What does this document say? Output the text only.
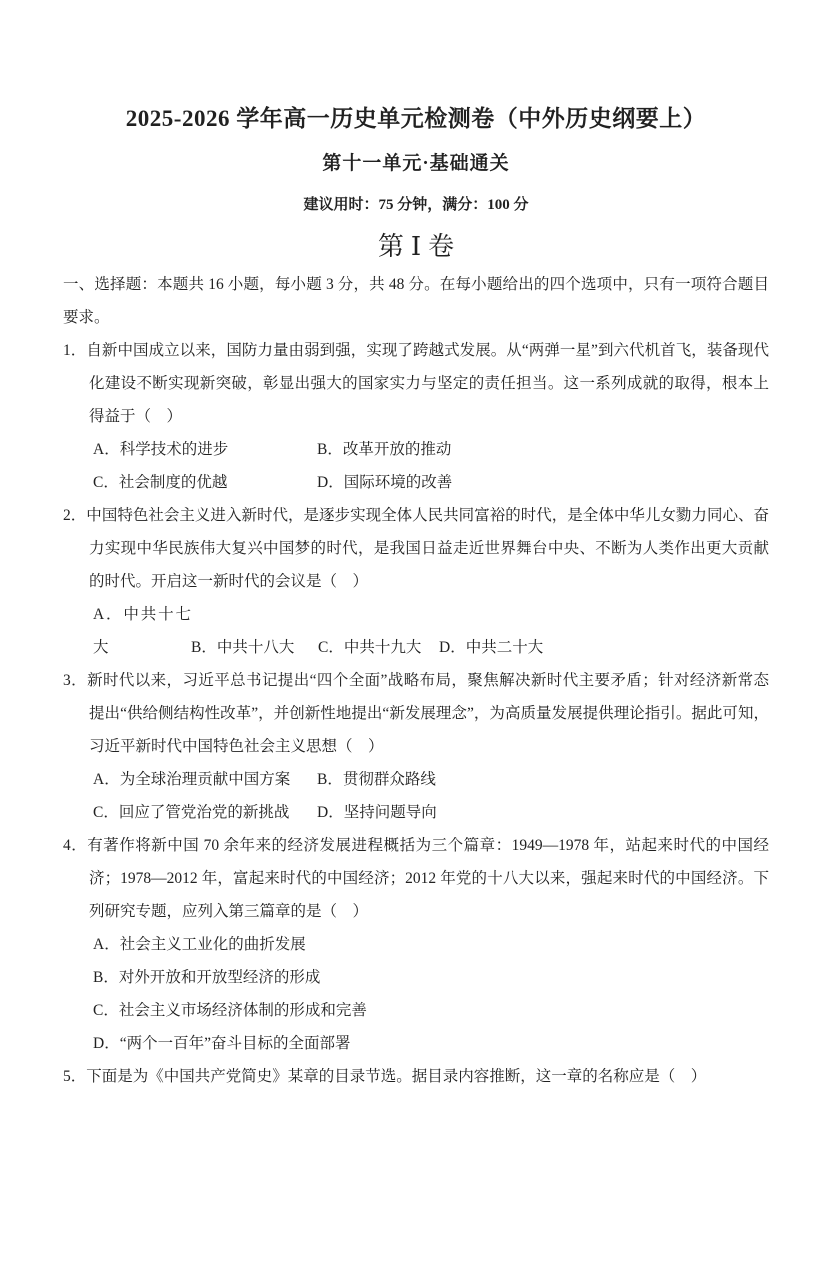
2025-2026 学年高一历史单元检测卷（中外历史纲要上）
第十一单元·基础通关
建议用时：75 分钟，满分：100 分
第Ⅰ卷

一、选择题：本题共 16 小题，每小题 3 分，共 48 分。在每小题给出的四个选项中，只有一项符合题目要求。

1．自新中国成立以来，国防力量由弱到强，实现了跨越式发展。从“两弹一星”到六代机首飞，装备现代化建设不断实现新突破，彰显出强大的国家实力与坚定的责任担当。这一系列成就的取得，根本上得益于（　）

A．科学技术的进步	B．改革开放的推动

C．社会制度的优越	D．国际环境的改善

2．中国特色社会主义进入新时代，是逐步实现全体人民共同富裕的时代，是全体中华儿女勠力同心、奋力实现中华民族伟大复兴中国梦的时代，是我国日益走近世界舞台中央、不断为人类作出更大贡献的时代。开启这一新时代的会议是（　）

A．中共十七大	B．中共十八大 C．中共十九大 D．中共二十大

3．新时代以来，习近平总书记提出“四个全面”战略布局，聚焦解决新时代主要矛盾；针对经济新常态 提出“供给侧结构性改革”，并创新性地提出“新发展理念”，为高质量发展提供理论指引。据此可知，习近平新时代中国特色社会主义思想（　）

A．为全球治理贡献中国方案 B．贯彻群众路线

C．回应了管党治党的新挑战 D．坚持问题导向

4．有著作将新中国 70 余年来的经济发展进程概括为三个篇章：1949—1978 年，站起来时代的中国经济；1978—2012 年，富起来时代的中国经济；2012 年党的十八大以来，强起来时代的中国经济。下列研究专题，应列入第三篇章的是（　）

A．社会主义工业化的曲折发展

B．对外开放和开放型经济的形成

C．社会主义市场经济体制的形成和完善

D．“两个一百年”奋斗目标的全面部署

5．下面是为《中国共产党简史》某章的目录节选。据目录内容推断，这一章的名称应是（　）
